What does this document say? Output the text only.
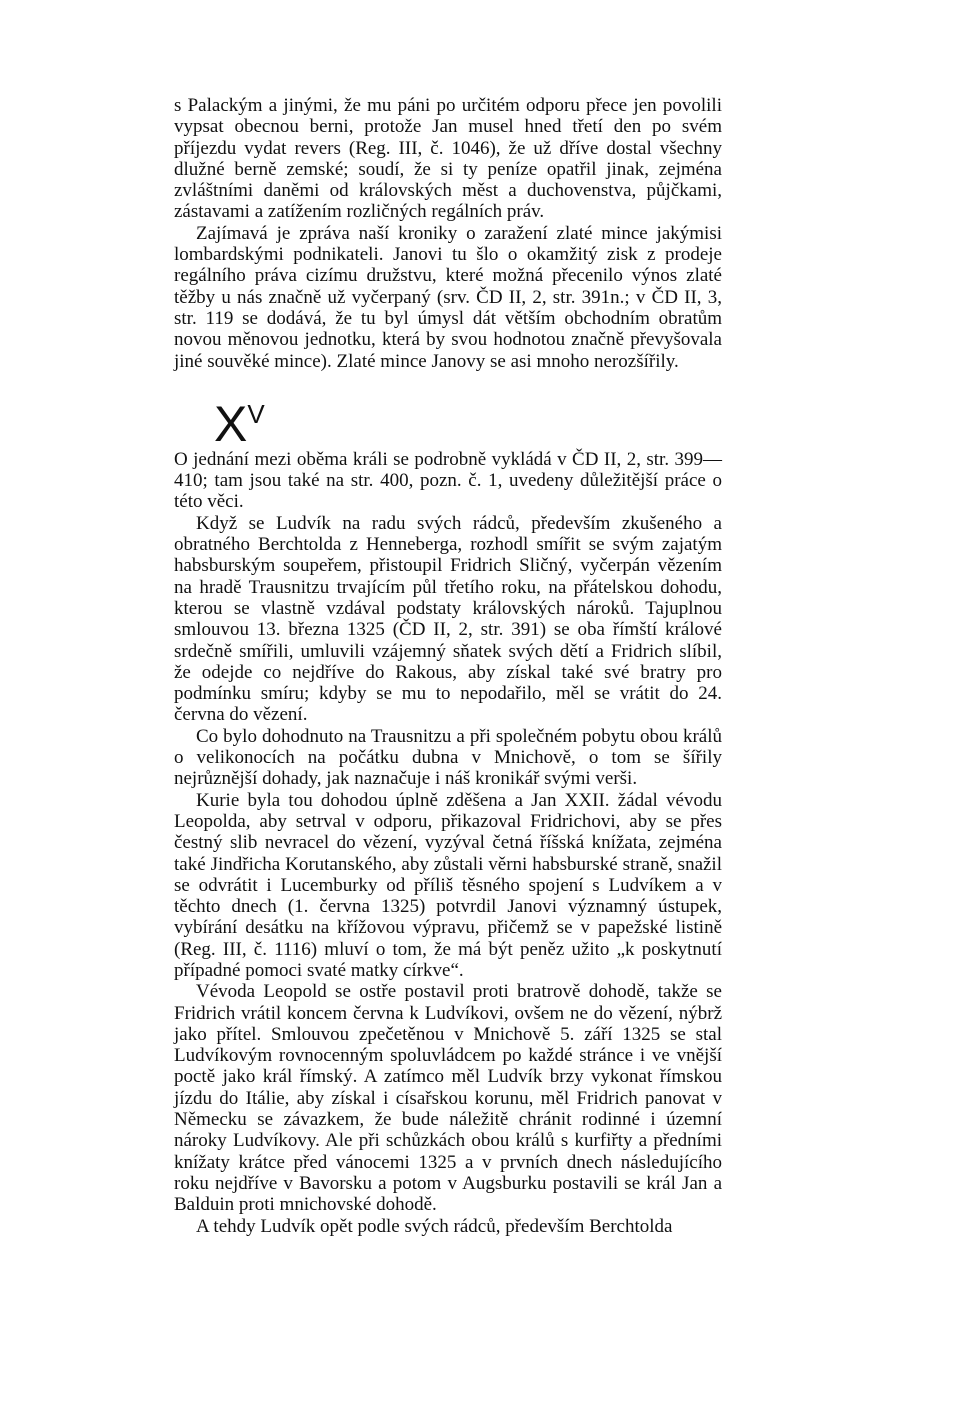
s Palackým a jinými, že mu páni po určitém odporu přece jen povolili vypsat obecnou berni, protože Jan musel hned třetí den po svém příjezdu vydat revers (Reg. III, č. 1046), že už dříve dostal všechny dlužné berně zemské; soudí, že si ty peníze opatřil jinak, zejména zvláštními daněmi od královských měst a duchovenstva, půjčkami, zástavami a zatížením rozličných regálních práv.

Zajímavá je zpráva naší kroniky o zaražení zlaté mince jakýmisi lombardskými podnikateli. Janovi tu šlo o okamžitý zisk z prodeje regálního práva cizímu družstvu, které možná přecenilo výnos zlaté těžby u nás značně už vyčerpaný (srv. ČD II, 2, str. 391n.; v ČD II, 3, str. 119 se dodává, že tu byl úmysl dát větším obchodním obratům novou měnovou jednotku, která by svou hodnotou značně převyšovala jiné souvěké mince). Zlaté mince Janovy se asi mnoho nerozšířily.

$X^V$

O jednání mezi oběma králi se podrobně vykládá v ČD II, 2, str. 399—410; tam jsou také na str. 400, pozn. č. 1, uvedeny důležitější práce o této věci.

Když se Ludvík na radu svých rádců, především zkušeného a obratného Berchtolda z Henneberga, rozhodl smířit se svým zajatým habsburským soupeřem, přistoupil Fridrich Sličný, vyčerpán vězením na hradě Trausnitzu trvajícím půl třetího roku, na přátelskou dohodu, kterou se vlastně vzdával podstaty královských nároků. Tajuplnou smlouvou 13. března 1325 (ČD II, 2, str. 391) se oba římští králové srdečně smířili, umluvili vzájemný sňatek svých dětí a Fridrich slíbil, že odejde co nejdříve do Rakous, aby získal také své bratry pro podmínku smíru; kdyby se mu to nepodařilo, měl se vrátit do 24. června do vězení.

Co bylo dohodnuto na Trausnitzu a při společném pobytu obou králů o velikonocích na počátku dubna v Mnichově, o tom se šířily nejrůznější dohady, jak naznačuje i náš kronikář svými verši.

Kurie byla tou dohodou úplně zděšena a Jan XXII. žádal vévodu Leopolda, aby setrval v odporu, přikazoval Fridrichovi, aby se přes čestný slib nevracel do vězení, vyzýval četná říšská knížata, zejména také Jindřicha Korutanského, aby zůstali věrni habsburské straně, snažil se odvrátit i Lucemburky od příliš těsného spojení s Ludvíkem a v těchto dnech (1. června 1325) potvrdil Janovi významný ústupek, vybírání desátku na křížovou výpravu, přičemž se v papežské listině (Reg. III, č. 1116) mluví o tom, že má být peněz užito „k poskytnutí případné pomoci svaté matky církve“.

Vévoda Leopold se ostře postavil proti bratrově dohodě, takže se Fridrich vrátil koncem června k Ludvíkovi, ovšem ne do vězení, nýbrž jako přítel. Smlouvou zpečetěnou v Mnichově 5. září 1325 se stal Ludvíkovým rovnocenným spoluvládcem po každé stránce i ve vnější poctě jako král římský. A zatímco měl Ludvík brzy vykonat římskou jízdu do Itálie, aby získal i císařskou korunu, měl Fridrich panovat v Německu se závazkem, že bude náležitě chránit rodinné i územní nároky Ludvíkovy. Ale při schůzkách obou králů s kurfiřty a předními knížaty krátce před vánocemi 1325 a v prvních dnech následujícího roku nejdříve v Bavorsku a potom v Augsburku postavili se král Jan a Balduin proti mnichovské dohodě.

A tehdy Ludvík opět podle svých rádců, především Berchtolda
